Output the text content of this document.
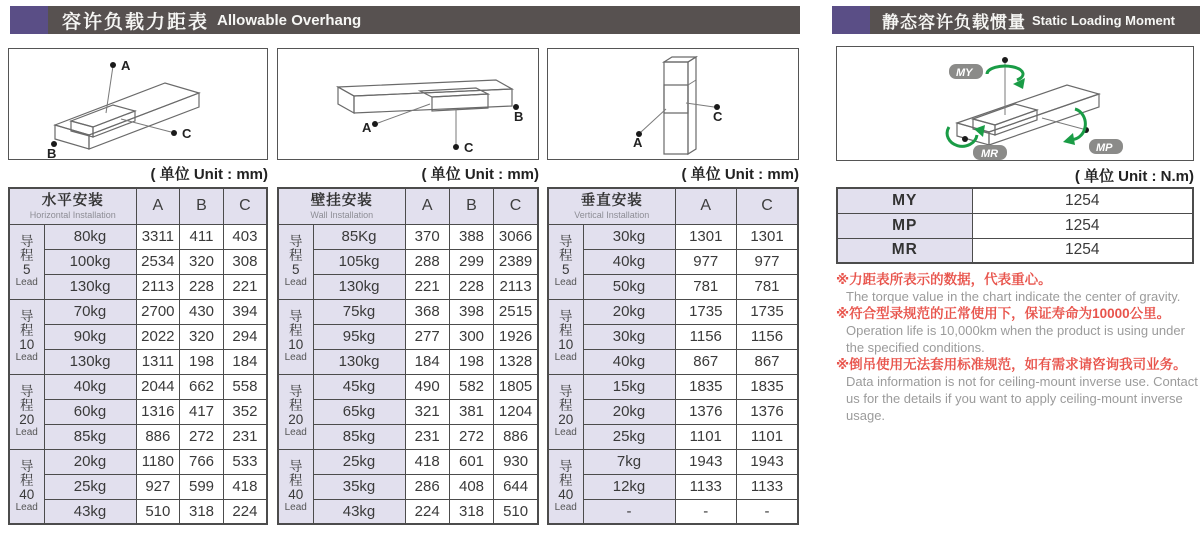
容许负载力距表 Allowable Overhang	静态容许负载惯量 Static Loading Moment
A
B
C	A
B
C	A
C
MY
MP
MR
( 单位 Unit : mm)	( 单位 Unit : mm)	( 单位 Unit : mm)	( 单位 Unit : N.m)
水平安装
Horizontal Installation		A	B	C

导
程
5
Lead	80kg	3311	411	403
	100kg	2534	320	308
	130kg	2113	228	221

导
程
10
Lead	70kg	2700	430	394
	90kg	2022	320	294
	130kg	1311	198	184

导
程
20
Lead	40kg	2044	662	558
	60kg	1316	417	352
	85kg	886	272	231

导
程
40
Lead	20kg	1180	766	533
	25kg	927	599	418
	43kg	510	318	224
壁挂安装
Wall Installation		A	B	C

导
程
5
Lead	85Kg	370	388	3066
	105kg	288	299	2389
	130kg	221	228	2113

导
程
10
Lead	75kg	368	398	2515
	95kg	277	300	1926
	130kg	184	198	1328

导
程
20
Lead	45kg	490	582	1805
	65kg	321	381	1204
	85kg	231	272	886

导
程
40
Lead	25kg	418	601	930
	35kg	286	408	644
	43kg	224	318	510
垂直安装
Vertical Installation		A	C

导
程
5
Lead	30kg	1301	1301
	40kg	977	977
	50kg	781	781

导
程
10
Lead	20kg	1735	1735
	30kg	1156	1156
	40kg	867	867

导
程
20
Lead	15kg	1835	1835
	20kg	1376	1376
	25kg	1101	1101

导
程
40
Lead	7kg	1943	1943
	12kg	1133	1133
	-	-	-
MY	1254
MP	1254
MR	1254
※力距表所表示的数据，代表重心。
The torque value in the chart indicate the center of gravity.
※符合型录规范的正常使用下，保证寿命为10000公里。
Operation life is 10,000km when the product is using under the specified conditions.
※倒吊使用无法套用标准规范，如有需求请咨询我司业务。
Data information is not for ceiling-mount inverse use. Contact us for the details if you want to apply ceiling-mount inverse usage.
